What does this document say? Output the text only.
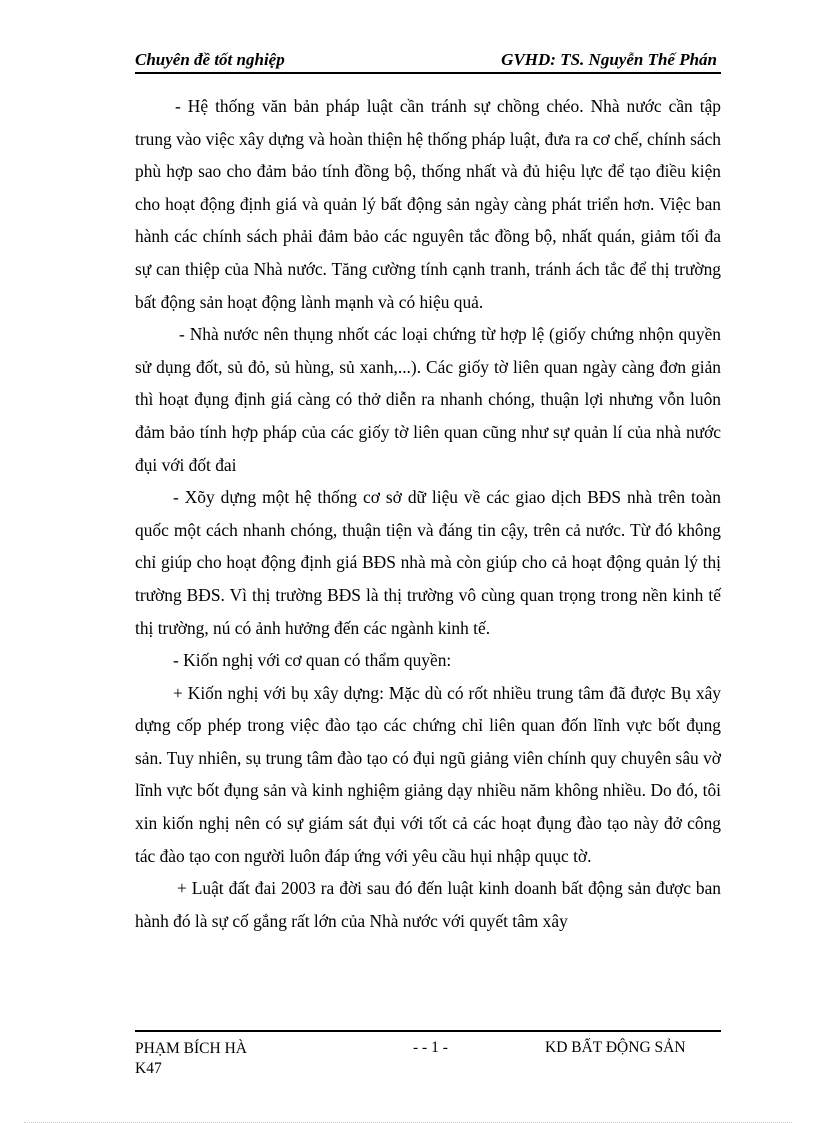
Chuyên đề tốt nghiệp	GVHD: TS. Nguyễn Thế Phán

- Hệ thống văn bản pháp luật cần tránh sự chồng chéo. Nhà nước cần tập trung vào việc xây dựng và hoàn thiện hệ thống pháp luật, đưa ra cơ chế, chính sách phù hợp sao cho đảm bảo tính đồng bộ, thống nhất và đủ hiệu lực để tạo điều kiện cho hoạt động định giá và quản lý bất động sản ngày càng phát triển hơn. Việc ban hành các chính sách phải đảm bảo các nguyên tắc đồng bộ, nhất quán, giảm tối đa sự can thiệp của Nhà nước. Tăng cường tính cạnh tranh, tránh ách tắc để thị trường bất động sản hoạt động lành mạnh và có hiệu quả.

- Nhà nước nên thụng nhốt các loại chứng từ hợp lệ (giốy chứng nhộn quyền sử dụng đốt, sủ đỏ, sủ hùng, sủ xanh,...). Các giốy tờ liên quan ngày càng đơn giản thì hoạt đụng định giá càng có thở diễn ra nhanh chóng, thuận lợi nhưng vỗn luôn đảm bảo tính hợp pháp của các giốy tờ liên quan cũng như sự quản lí của nhà nước đụi với đốt đai

- Xõy dựng một hệ thống cơ sở dữ liệu về các giao dịch BĐS nhà trên toàn quốc một cách nhanh chóng, thuận tiện và đáng tin cậy, trên cả nước. Từ đó không chỉ giúp cho hoạt động định giá BĐS nhà mà còn giúp cho cả hoạt động quản lý thị trường BĐS. Vì thị trường BĐS là thị trường vô cùng quan trọng trong nền kinh tế thị trường, nú có ảnh hưởng đến các ngành kinh tế.

- Kiốn nghị với cơ quan có thẩm quyền:

+ Kiốn nghị với bụ xây dựng: Mặc dù có rốt nhiều trung tâm đã được Bụ xây dựng cốp phép trong việc đào tạo các chứng chỉ liên quan đốn lĩnh vực bốt đụng sản. Tuy nhiên, sụ trung tâm đào tạo có đụi ngũ giảng viên chính quy chuyên sâu vờ lĩnh vực bốt đụng sản và kinh nghiệm giảng dạy nhiều năm không nhiều. Do đó, tôi xin kiốn nghị nên có sự giám sát đụi với tốt cả các hoạt đụng đào tạo này đở công tác đào tạo con người luôn đáp ứng với yêu cầu hụi nhập quục tờ.

+ Luật đất đai 2003 ra đời sau đó đến luật kinh doanh bất động sản được ban hành đó là sự cố gắng rất lớn của Nhà nước với quyết tâm xây

PHẠM BÍCH HÀ
K47
- - 1 -	KD BẤT ĐỘNG SẢN
